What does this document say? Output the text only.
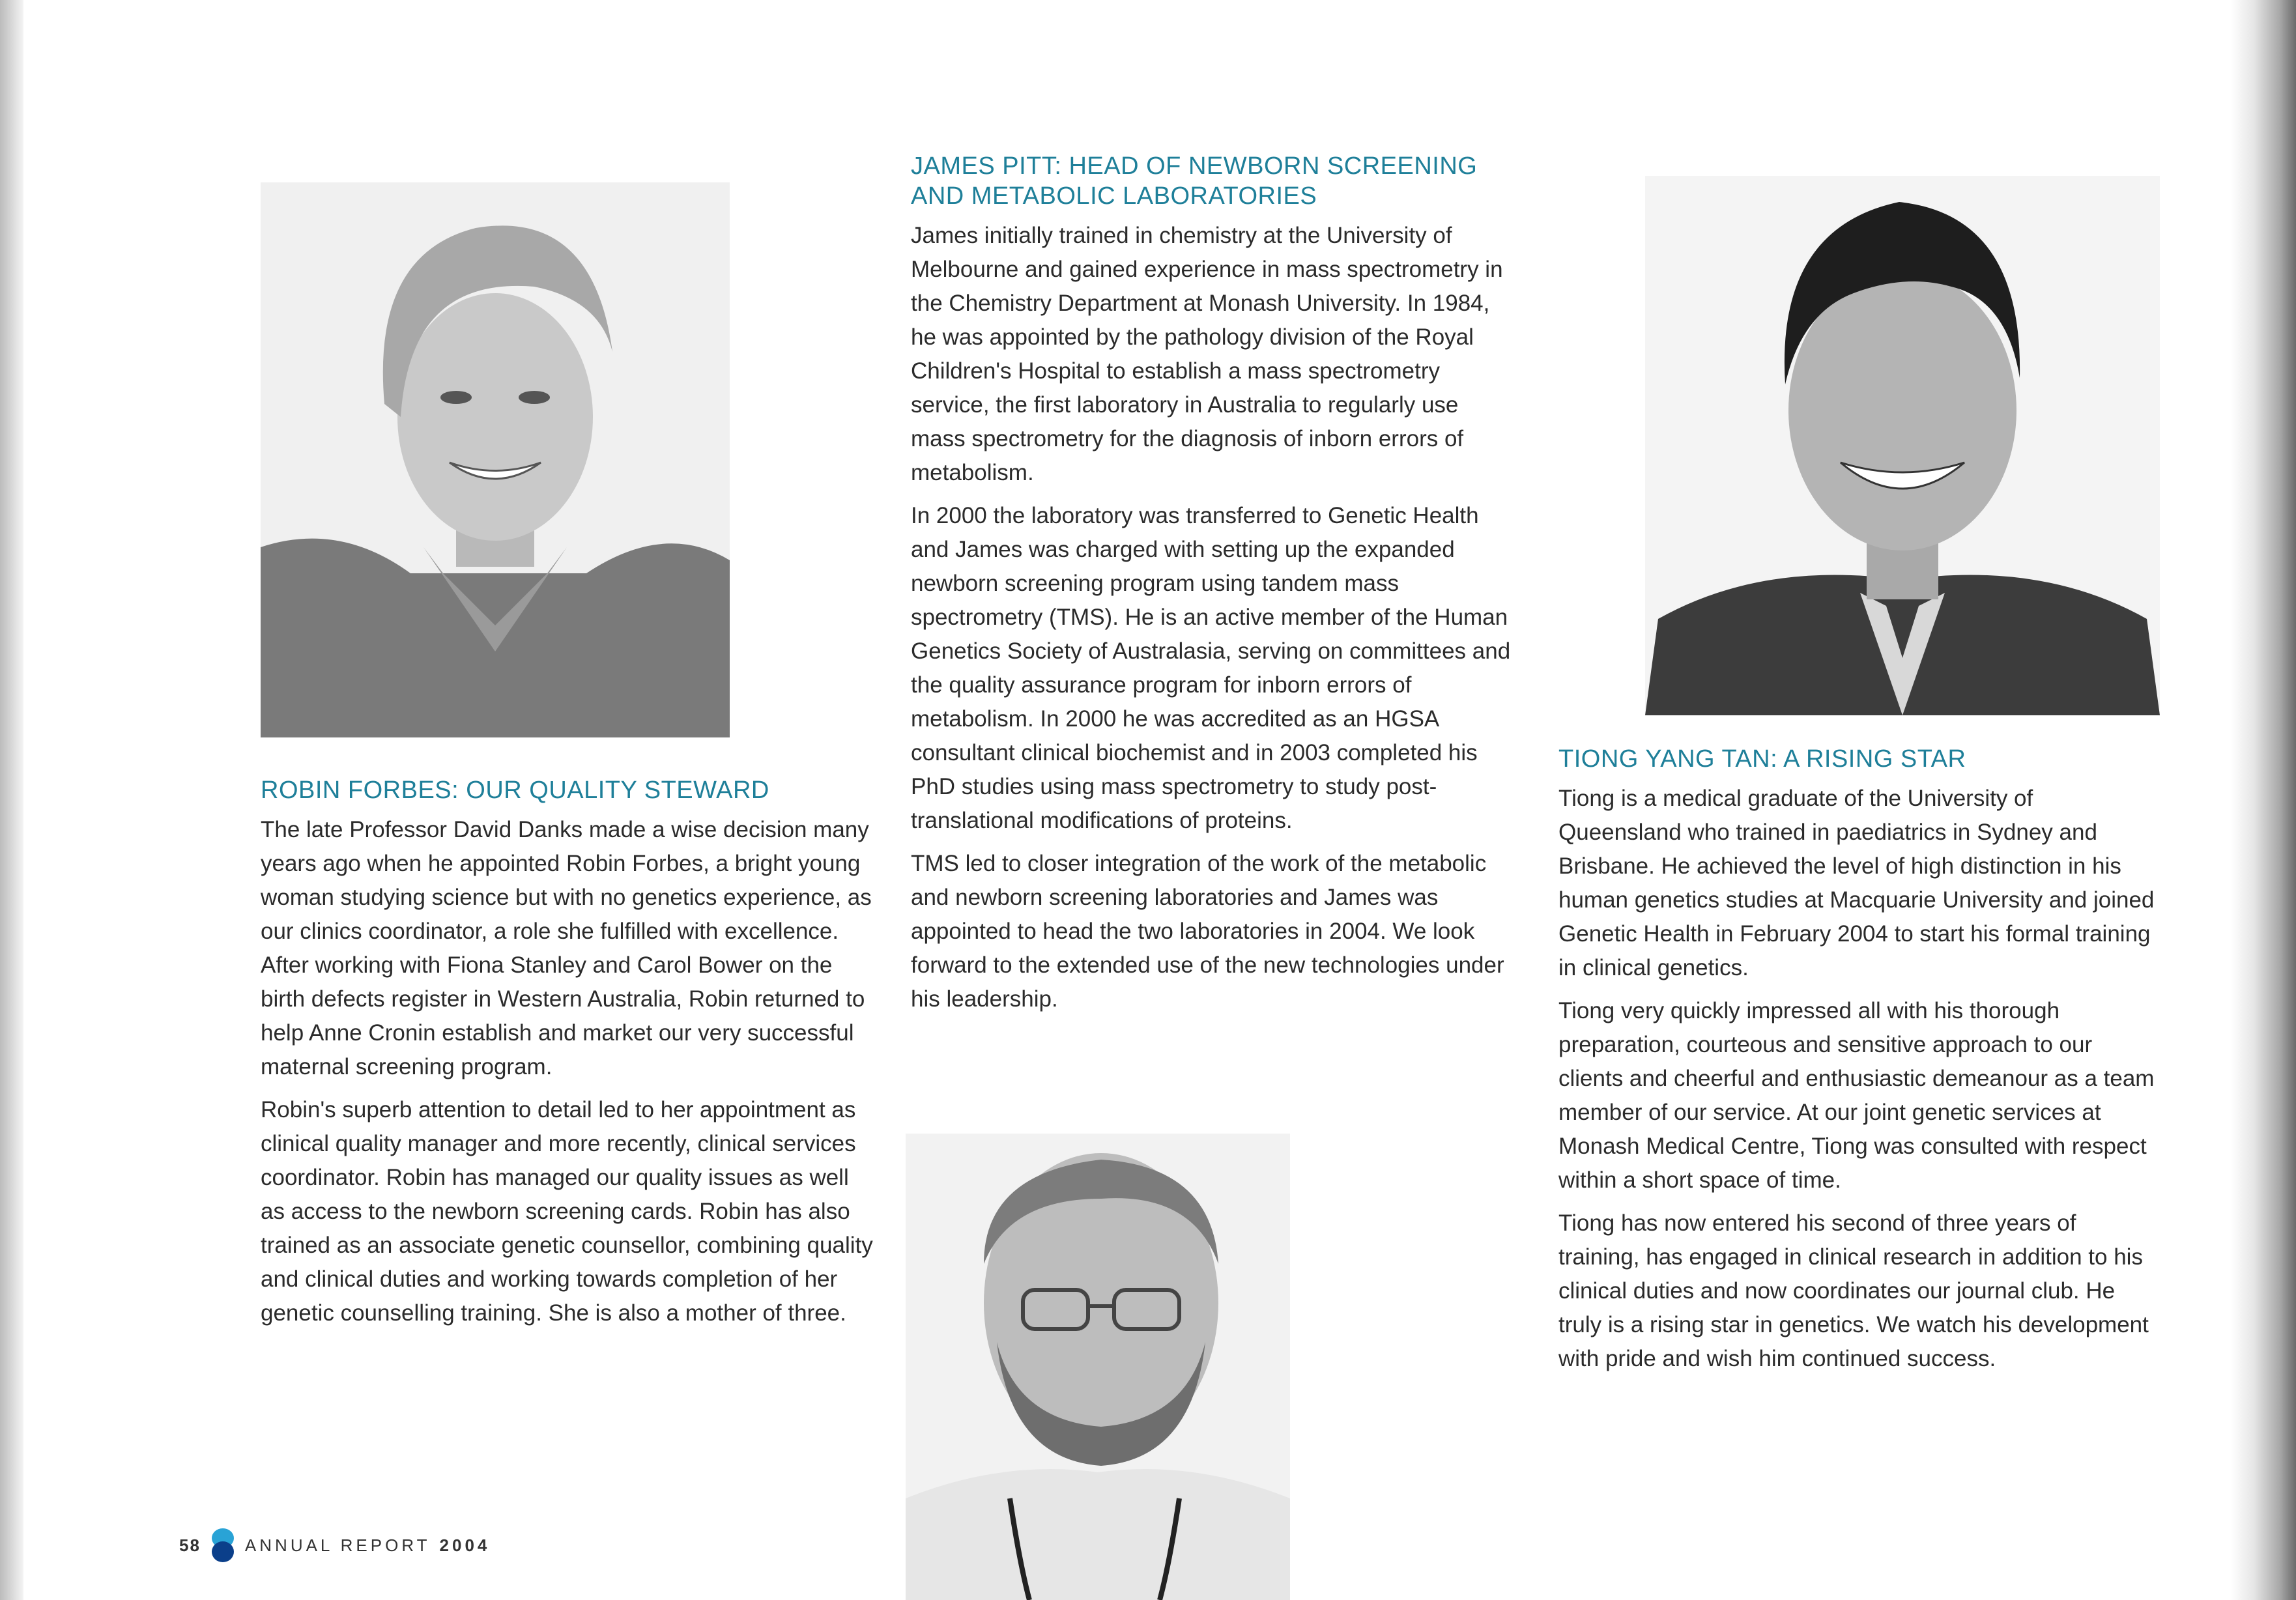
ROBIN FORBES: OUR QUALITY STEWARD

The late Professor David Danks made a wise decision many years ago when he appointed Robin Forbes, a bright young woman studying science but with no genetics experience, as our clinics coordinator, a role she fulfilled with excellence. After working with Fiona Stanley and Carol Bower on the birth defects register in Western Australia, Robin returned to help Anne Cronin establish and market our very successful maternal screening program.

Robin's superb attention to detail led to her appointment as clinical quality manager and more recently, clinical services coordinator. Robin has managed our quality issues as well as access to the newborn screening cards. Robin has also trained as an associate genetic counsellor, combining quality and clinical duties and working towards completion of her genetic counselling training. She is also a mother of three.

JAMES PITT: HEAD OF NEWBORN SCREENING AND METABOLIC LABORATORIES

James initially trained in chemistry at the University of Melbourne and gained experience in mass spectrometry in the Chemistry Department at Monash University. In 1984, he was appointed by the pathology division of the Royal Children's Hospital to establish a mass spectrometry service, the first laboratory in Australia to regularly use mass spectrometry for the diagnosis of inborn errors of metabolism.

In 2000 the laboratory was transferred to Genetic Health and James was charged with setting up the expanded newborn screening program using tandem mass spectrometry (TMS). He is an active member of the Human Genetics Society of Australasia, serving on committees and the quality assurance program for inborn errors of metabolism. In 2000 he was accredited as an HGSA consultant clinical biochemist and in 2003 completed his PhD studies using mass spectrometry to study post-translational modifications of proteins.

TMS led to closer integration of the work of the metabolic and newborn screening laboratories and James was appointed to head the two laboratories in 2004. We look forward to the extended use of the new technologies under his leadership.

TIONG YANG TAN: A RISING STAR

Tiong is a medical graduate of the University of Queensland who trained in paediatrics in Sydney and Brisbane. He achieved the level of high distinction in his human genetics studies at Macquarie University and joined Genetic Health in February 2004 to start his formal training in clinical genetics.

Tiong very quickly impressed all with his thorough preparation, courteous and sensitive approach to our clients and cheerful and enthusiastic demeanour as a team member of our service. At our joint genetic services at Monash Medical Centre, Tiong was consulted with respect within a short space of time.

Tiong has now entered his second of three years of training, has engaged in clinical research in addition to his clinical duties and now coordinates our journal club. He truly is a rising star in genetics. We watch his development with pride and wish him continued success.

58	ANNUAL REPORT 2004
